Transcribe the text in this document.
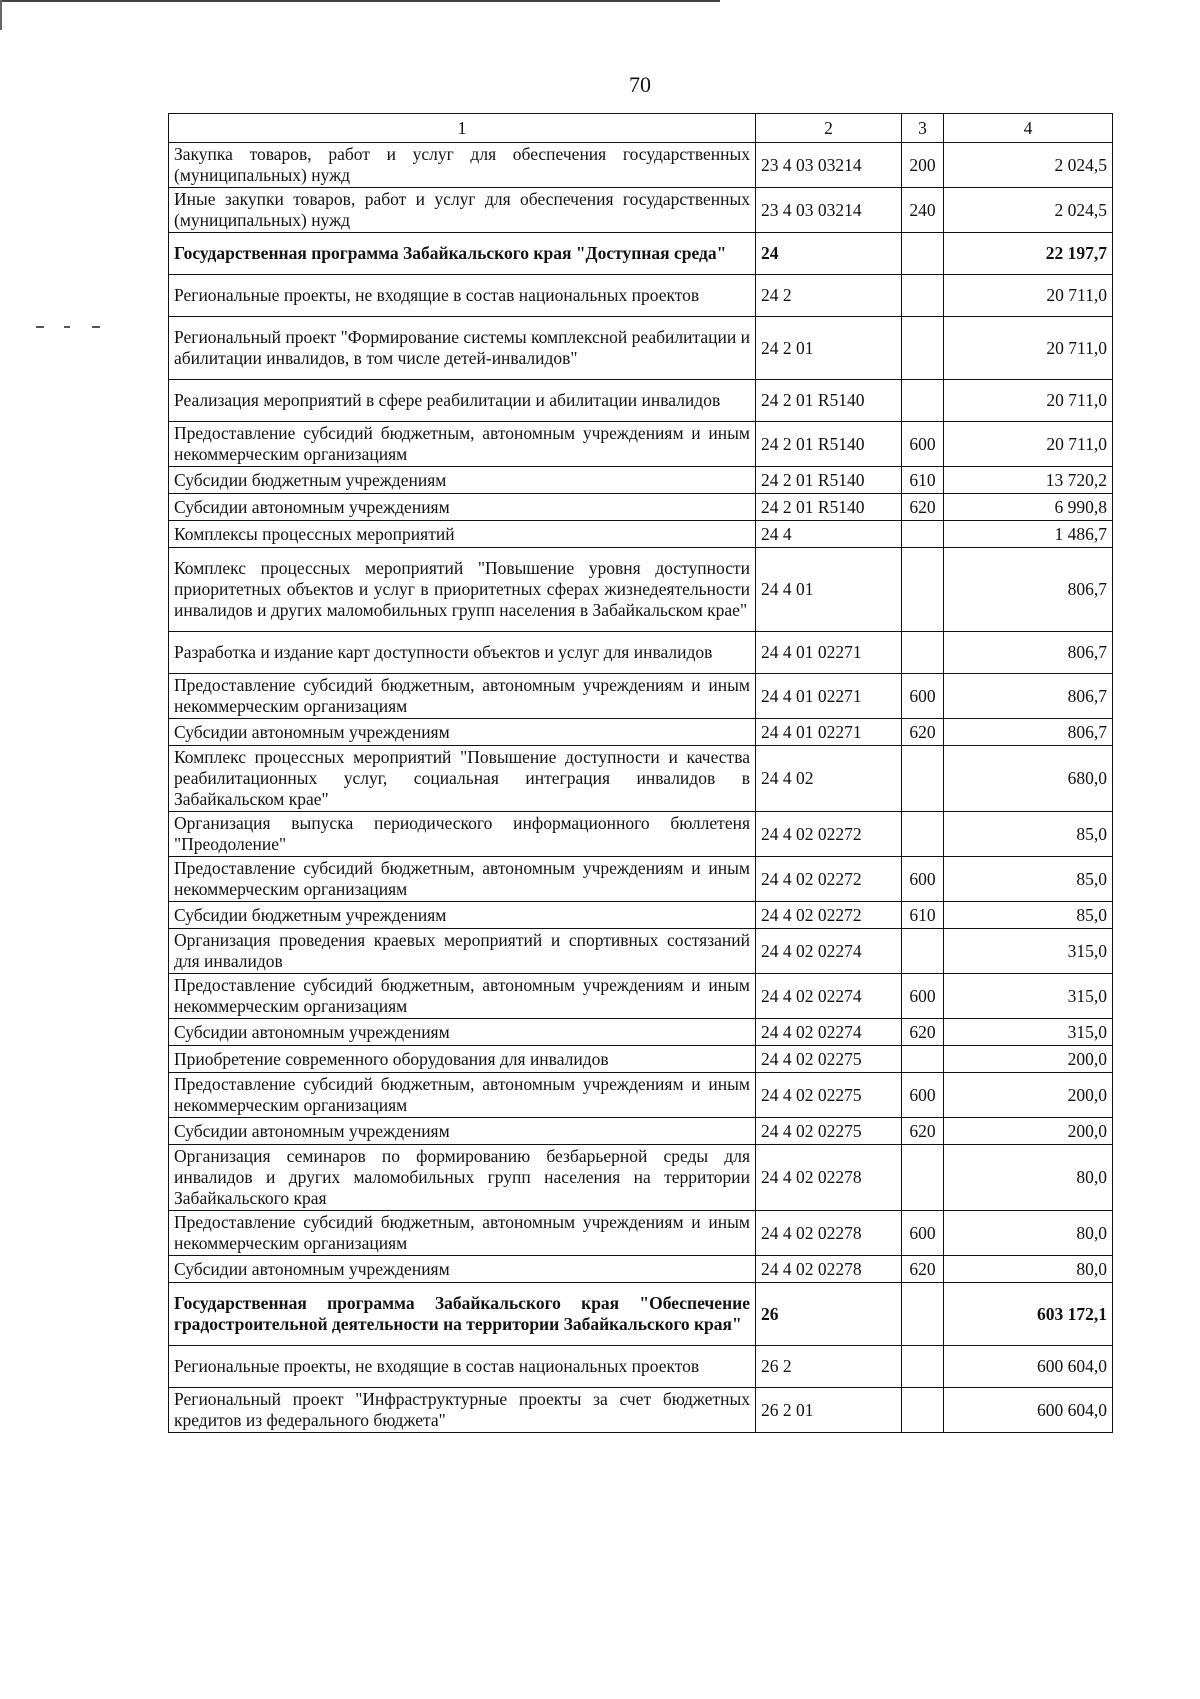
70
1	2	3	4
Закупка товаров, работ и услуг для обеспечения государственных (муниципальных) нужд	23 4 03 03214	200	2 024,5
Иные закупки товаров, работ и услуг для обеспечения государственных (муниципальных) нужд	23 4 03 03214	240	2 024,5
Государственная программа Забайкальского края "Доступная среда"	24		22 197,7
Региональные проекты, не входящие в состав национальных проектов	24 2		20 711,0
Региональный проект "Формирование системы комплексной реабилитации и абилитации инвалидов, в том числе детей-инвалидов"	24 2 01		20 711,0
Реализация мероприятий в сфере реабилитации и абилитации инвалидов	24 2 01 R5140		20 711,0
Предоставление субсидий бюджетным, автономным учреждениям и иным некоммерческим организациям	24 2 01 R5140	600	20 711,0
Субсидии бюджетным учреждениям	24 2 01 R5140	610	13 720,2
Субсидии автономным учреждениям	24 2 01 R5140	620	6 990,8
Комплексы процессных мероприятий	24 4		1 486,7
Комплекс процессных мероприятий "Повышение уровня доступности приоритетных объектов и услуг в приоритетных сферах жизнедеятельности инвалидов и других маломобильных групп населения в Забайкальском крае"	24 4 01		806,7
Разработка и издание карт доступности объектов и услуг для инвалидов	24 4 01 02271		806,7
Предоставление субсидий бюджетным, автономным учреждениям и иным некоммерческим организациям	24 4 01 02271	600	806,7
Субсидии автономным учреждениям	24 4 01 02271	620	806,7
Комплекс процессных мероприятий "Повышение доступности и качества реабилитационных услуг, социальная интеграция инвалидов в Забайкальском крае"	24 4 02		680,0
Организация выпуска периодического информационного бюллетеня "Преодоление"	24 4 02 02272		85,0
Предоставление субсидий бюджетным, автономным учреждениям и иным некоммерческим организациям	24 4 02 02272	600	85,0
Субсидии бюджетным учреждениям	24 4 02 02272	610	85,0
Организация проведения краевых мероприятий и спортивных состязаний для инвалидов	24 4 02 02274		315,0
Предоставление субсидий бюджетным, автономным учреждениям и иным некоммерческим организациям	24 4 02 02274	600	315,0
Субсидии автономным учреждениям	24 4 02 02274	620	315,0
Приобретение современного оборудования для инвалидов	24 4 02 02275		200,0
Предоставление субсидий бюджетным, автономным учреждениям и иным некоммерческим организациям	24 4 02 02275	600	200,0
Субсидии автономным учреждениям	24 4 02 02275	620	200,0
Организация семинаров по формированию безбарьерной среды для инвалидов и других маломобильных групп населения на территории Забайкальского края	24 4 02 02278		80,0
Предоставление субсидий бюджетным, автономным учреждениям и иным некоммерческим организациям	24 4 02 02278	600	80,0
Субсидии автономным учреждениям	24 4 02 02278	620	80,0
Государственная программа Забайкальского края "Обеспечение градостроительной деятельности на территории Забайкальского края"	26		603 172,1
Региональные проекты, не входящие в состав национальных проектов	26 2		600 604,0
Региональный проект "Инфраструктурные проекты за счет бюджетных кредитов из федерального бюджета"	26 2 01		600 604,0
